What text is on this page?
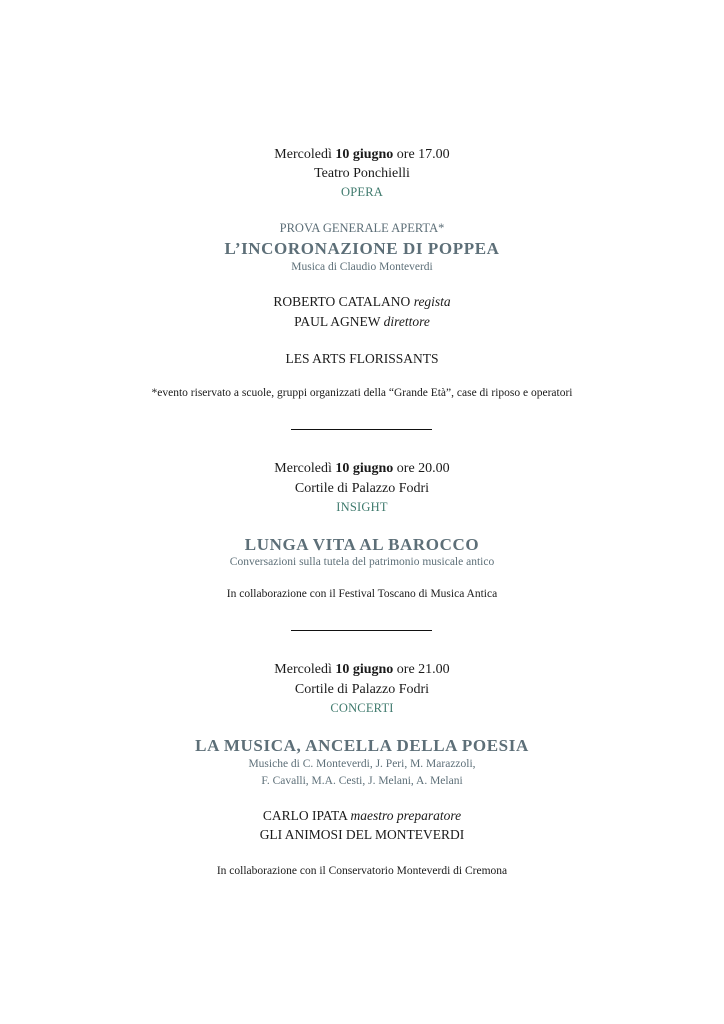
Mercoledì 10 giugno ore 17.00
Teatro Ponchielli
OPERA
PROVA GENERALE APERTA*
L’INCORONAZIONE DI POPPEA
Musica di Claudio Monteverdi
ROBERTO CATALANO regista
PAUL AGNEW direttore
LES ARTS FLORISSANTS
*evento riservato a scuole, gruppi organizzati della “Grande Età”, case di riposo e operatori
Mercoledì 10 giugno ore 20.00
Cortile di Palazzo Fodri
INSIGHT
LUNGA VITA AL BAROCCO
Conversazioni sulla tutela del patrimonio musicale antico
In collaborazione con il Festival Toscano di Musica Antica
Mercoledì 10 giugno ore 21.00
Cortile di Palazzo Fodri
CONCERTI
LA MUSICA, ANCELLA DELLA POESIA
Musiche di C. Monteverdi, J. Peri, M. Marazzoli,
F. Cavalli, M.A. Cesti, J. Melani, A. Melani
CARLO IPATA maestro preparatore
GLI ANIMOSI DEL MONTEVERDI
In collaborazione con il Conservatorio Monteverdi di Cremona
